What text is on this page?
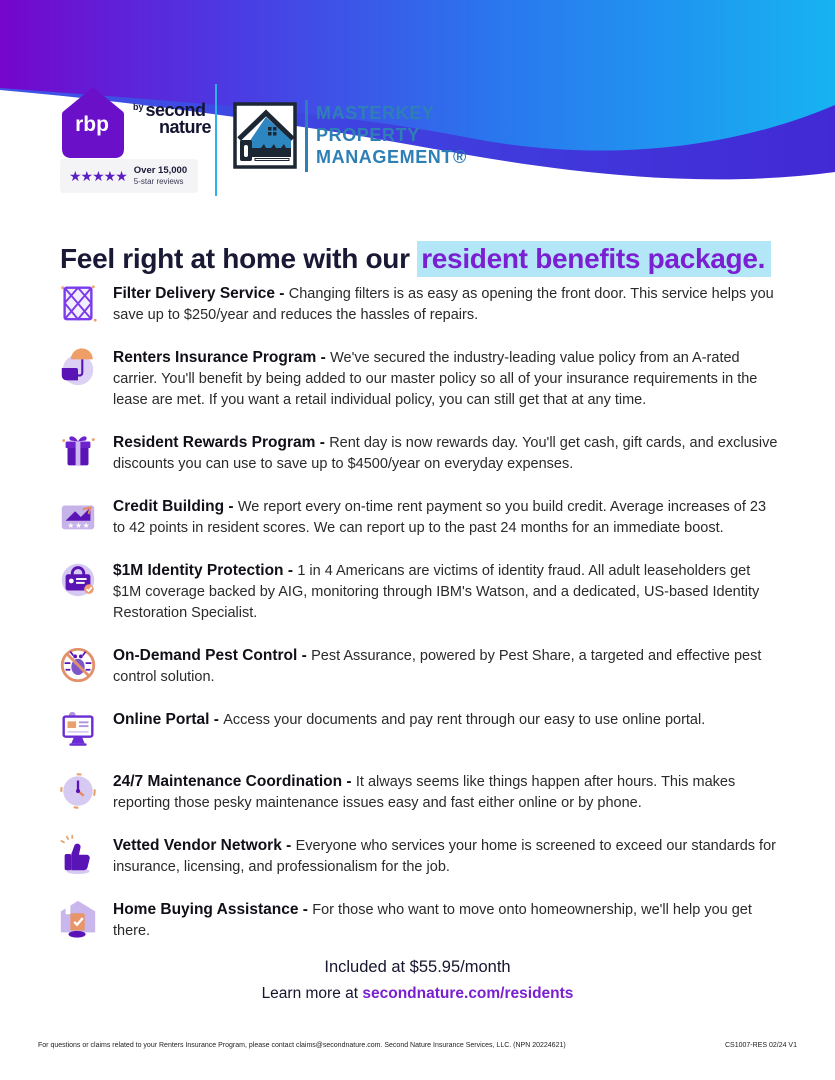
rbp
$^{by}$ second
nature
★★★★★ Over 15,000
5-star reviews
MASTERKEY
PROPERTY
MANAGEMENT®
Feel right at home with our resident benefits package.

Filter Delivery Service - Changing filters is as easy as opening the front door. This service helps you save up to $250/year and reduces the hassles of repairs.

Renters Insurance Program - We've secured the industry-leading value policy from an A-rated carrier. You'll benefit by being added to our master policy so all of your insurance requirements in the lease are met. If you want a retail individual policy, you can still get that at any time.

Resident Rewards Program - Rent day is now rewards day. You'll get cash, gift cards, and exclusive discounts you can use to save up to $4500/year on everyday expenses.

★ ★ ★

Credit Building - We report every on-time rent payment so you build credit. Average increases of 23 to 42 points in resident scores. We can report up to the past 24 months for an immediate boost.

$1M Identity Protection - 1 in 4 Americans are victims of identity fraud. All adult leaseholders get $1M coverage backed by AIG, monitoring through IBM's Watson, and a dedicated, US-based Identity Restoration Specialist.

On-Demand Pest Control - Pest Assurance, powered by Pest Share, a targeted and effective pest control solution.

Online Portal - Access your documents and pay rent through our easy to use online portal.

24/7 Maintenance Coordination - It always seems like things happen after hours. This makes reporting those pesky maintenance issues easy and fast either online or by phone.

Vetted Vendor Network - Everyone who services your home is screened to exceed our standards for insurance, licensing, and professionalism for the job.

Home Buying Assistance - For those who want to move onto homeownership, we'll help you get there.

Included at $55.95/month
Learn more at secondnature.com/residents
For questions or claims related to your Renters Insurance Program, please contact claims@secondnature.com. Second Nature Insurance Services, LLC. (NPN 20224621)	CS1007-RES 02/24 V1
